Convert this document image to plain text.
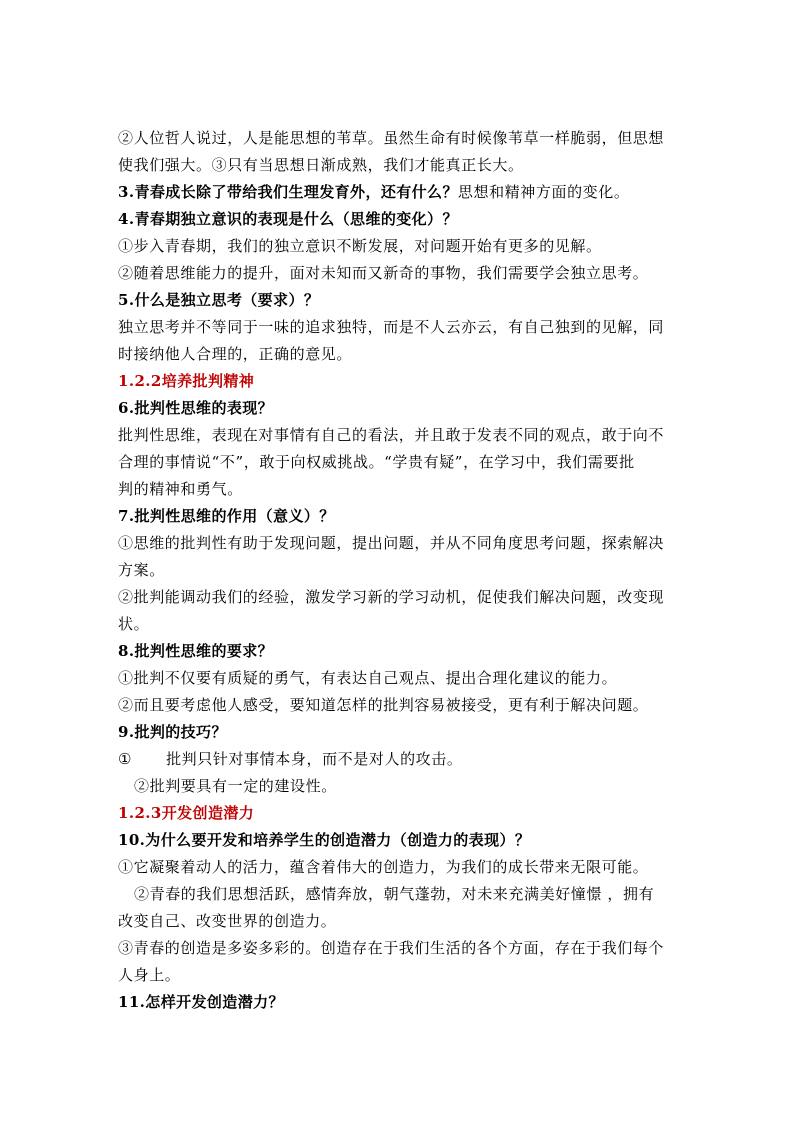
②人位哲人说过，人是能思想的苇草。虽然生命有时候像苇草一样脆弱，但思想
使我们强大。③只有当思想日渐成熟，我们才能真正长大。
3.青春成长除了带给我们生理发育外，还有什么？思想和精神方面的变化。
4.青春期独立意识的表现是什么（思维的变化）？
①步入青春期，我们的独立意识不断发展，对问题开始有更多的见解。
②随着思维能力的提升，面对未知而又新奇的事物，我们需要学会独立思考。
5.什么是独立思考（要求）？
独立思考并不等同于一味的追求独特，而是不人云亦云，有自己独到的见解，同
时接纳他人合理的，正确的意见。
1.2.2培养批判精神
6.批判性思维的表现？
批判性思维，表现在对事情有自己的看法，并且敢于发表不同的观点，敢于向不
合理的事情说“不”，敢于向权威挑战。“学贵有疑”，在学习中，我们需要批
判的精神和勇气。
7.批判性思维的作用（意义）？
①思维的批判性有助于发现问题，提出问题，并从不同角度思考问题，探索解决
方案。
②批判能调动我们的经验，激发学习新的学习动机，促使我们解决问题，改变现
状。
8.批判性思维的要求？
①批判不仅要有质疑的勇气，有表达自己观点、提出合理化建议的能力。
②而且要考虑他人感受，要知道怎样的批判容易被接受，更有利于解决问题。
9.批判的技巧？
① 批判只针对事情本身，而不是对人的攻击。
②批判要具有一定的建设性。
1.2.3开发创造潜力
10.为什么要开发和培养学生的创造潜力（创造力的表现）？
①它凝聚着动人的活力，蕴含着伟大的创造力，为我们的成长带来无限可能。
②青春的我们思想活跃，感情奔放，朝气蓬勃，对未来充满美好憧憬 ，拥有
改变自己、改变世界的创造力。
③青春的创造是多姿多彩的。创造存在于我们生活的各个方面，存在于我们每个
人身上。
11.怎样开发创造潜力？
